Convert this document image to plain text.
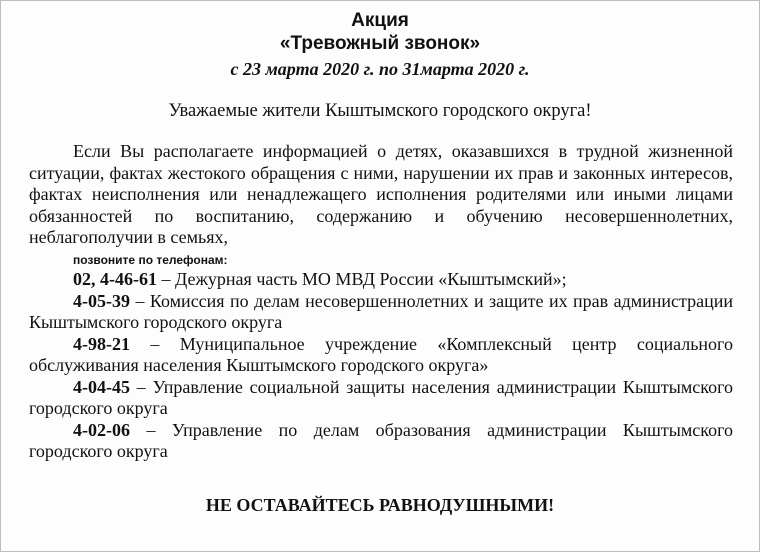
Акция
«Тревожный звонок»
с 23 марта 2020 г. по 31марта 2020 г.
Уважаемые жители Кыштымского городского округа!

Если Вы располагаете информацией о детях, оказавшихся в трудной жизненной ситуации, фактах жестокого обращения с ними, нарушении их прав и законных интересов, фактах неисполнения или ненадлежащего исполнения родителями или иными лицами обязанностей по воспитанию, содержанию и обучению несовершеннолетних, неблагополучии в семьях,

позвоните по телефонам:

02, 4-46-61 – Дежурная часть МО МВД России «Кыштымский»;

4-05-39 – Комиссия по делам несовершеннолетних и защите их прав администрации Кыштымского городского округа

4-98-21 – Муниципальное учреждение «Комплексный центр социального обслуживания населения Кыштымского городского округа»

4-04-45 – Управление социальной защиты населения администрации Кыштымского городского округа

4-02-06 – Управление по делам образования администрации Кыштымского городского округа

НЕ ОСТАВАЙТЕСЬ РАВНОДУШНЫМИ!
